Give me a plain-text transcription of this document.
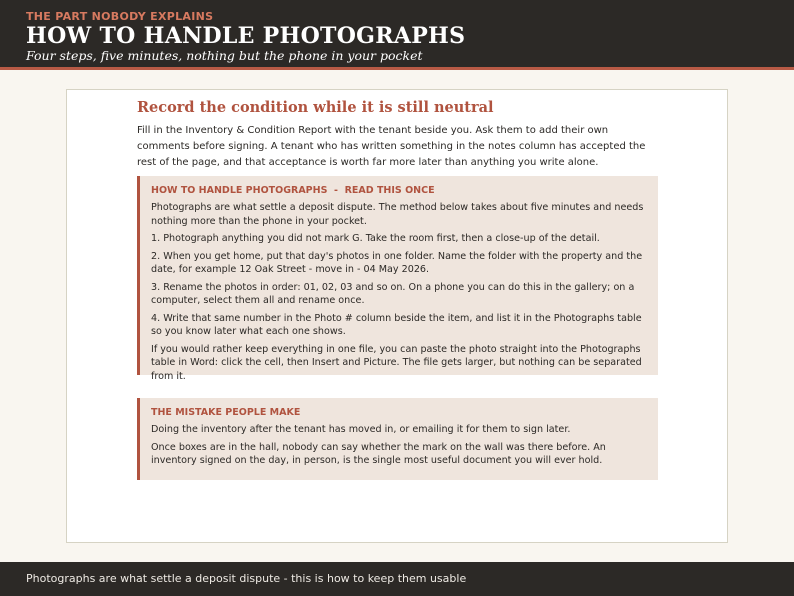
THE PART NOBODY EXPLAINS
HOW TO HANDLE PHOTOGRAPHS
Four steps, five minutes, nothing but the phone in your pocket
Record the condition while it is still neutral
Fill in the Inventory & Condition Report with the tenant beside you. Ask them to add their own comments before signing. A tenant who has written something in the notes column has accepted the rest of the page, and that acceptance is worth far more later than anything you write alone.
HOW TO HANDLE PHOTOGRAPHS  -  READ THIS ONCE

Photographs are what settle a deposit dispute. The method below takes about five minutes and needs nothing more than the phone in your pocket.

1. Photograph anything you did not mark G. Take the room first, then a close-up of the detail.

2. When you get home, put that day's photos in one folder. Name the folder with the property and the date, for example 12 Oak Street - move in - 04 May 2026.

3. Rename the photos in order: 01, 02, 03 and so on. On a phone you can do this in the gallery; on a computer, select them all and rename once.

4. Write that same number in the Photo # column beside the item, and list it in the Photographs table so you know later what each one shows.

If you would rather keep everything in one file, you can paste the photo straight into the Photographs table in Word: click the cell, then Insert and Picture. The file gets larger, but nothing can be separated from it.

THE MISTAKE PEOPLE MAKE

Doing the inventory after the tenant has moved in, or emailing it for them to sign later.

Once boxes are in the hall, nobody can say whether the mark on the wall was there before. An inventory signed on the day, in person, is the single most useful document you will ever hold.

Photographs are what settle a deposit dispute - this is how to keep them usable
